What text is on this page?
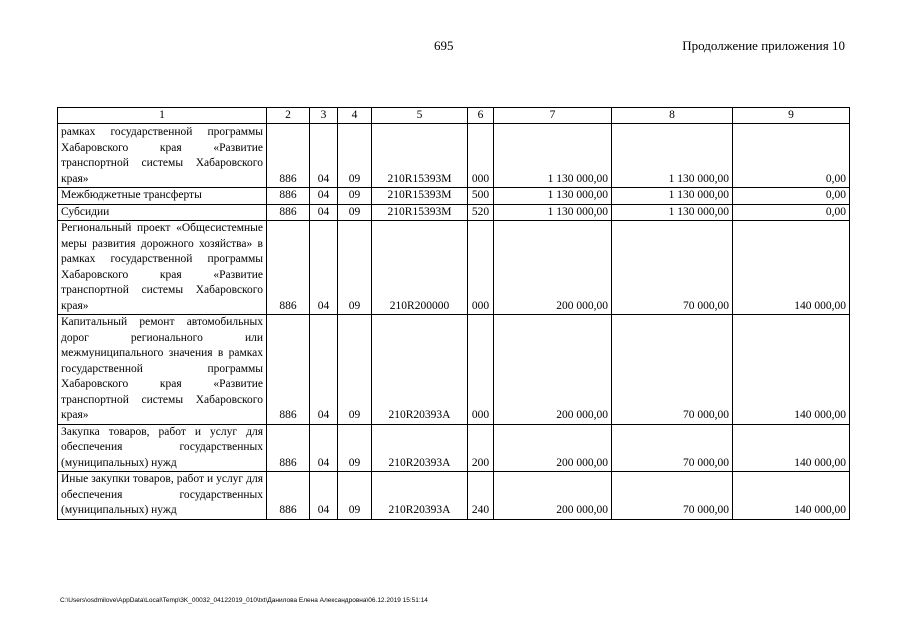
695	Продолжение приложения 10
1	2	3	4	5	6	7	8	9
рамках государственной программы Хабаровского края «Развитие транспортной системы Хабаровского края»	886	04	09	210R15393M	000	1 130 000,00	1 130 000,00	0,00
Межбюджетные трансферты	886	04	09	210R15393M	500	1 130 000,00	1 130 000,00	0,00
Субсидии	886	04	09	210R15393M	520	1 130 000,00	1 130 000,00	0,00
Региональный проект «Общесистемные меры развития дорожного хозяйства» в рамках государственной программы Хабаровского края «Развитие транспортной системы Хабаровского края»	886	04	09	210R200000	000	200 000,00	70 000,00	140 000,00
Капитальный ремонт автомобильных дорог регионального или межмуниципального значения в рамках государственной программы Хабаровского края «Развитие транспортной системы Хабаровского края»	886	04	09	210R20393A	000	200 000,00	70 000,00	140 000,00
Закупка товаров, работ и услуг для обеспечения государственных (муниципальных) нужд	886	04	09	210R20393A	200	200 000,00	70 000,00	140 000,00
Иные закупки товаров, работ и услуг для обеспечения государственных (муниципальных) нужд	886	04	09	210R20393A	240	200 000,00	70 000,00	140 000,00
C:\Users\osdmilove\AppData\Local\Temp\3K_00032_04122019_010\txt\Данилова Елена Александровна\06.12.2019 15:51:14
